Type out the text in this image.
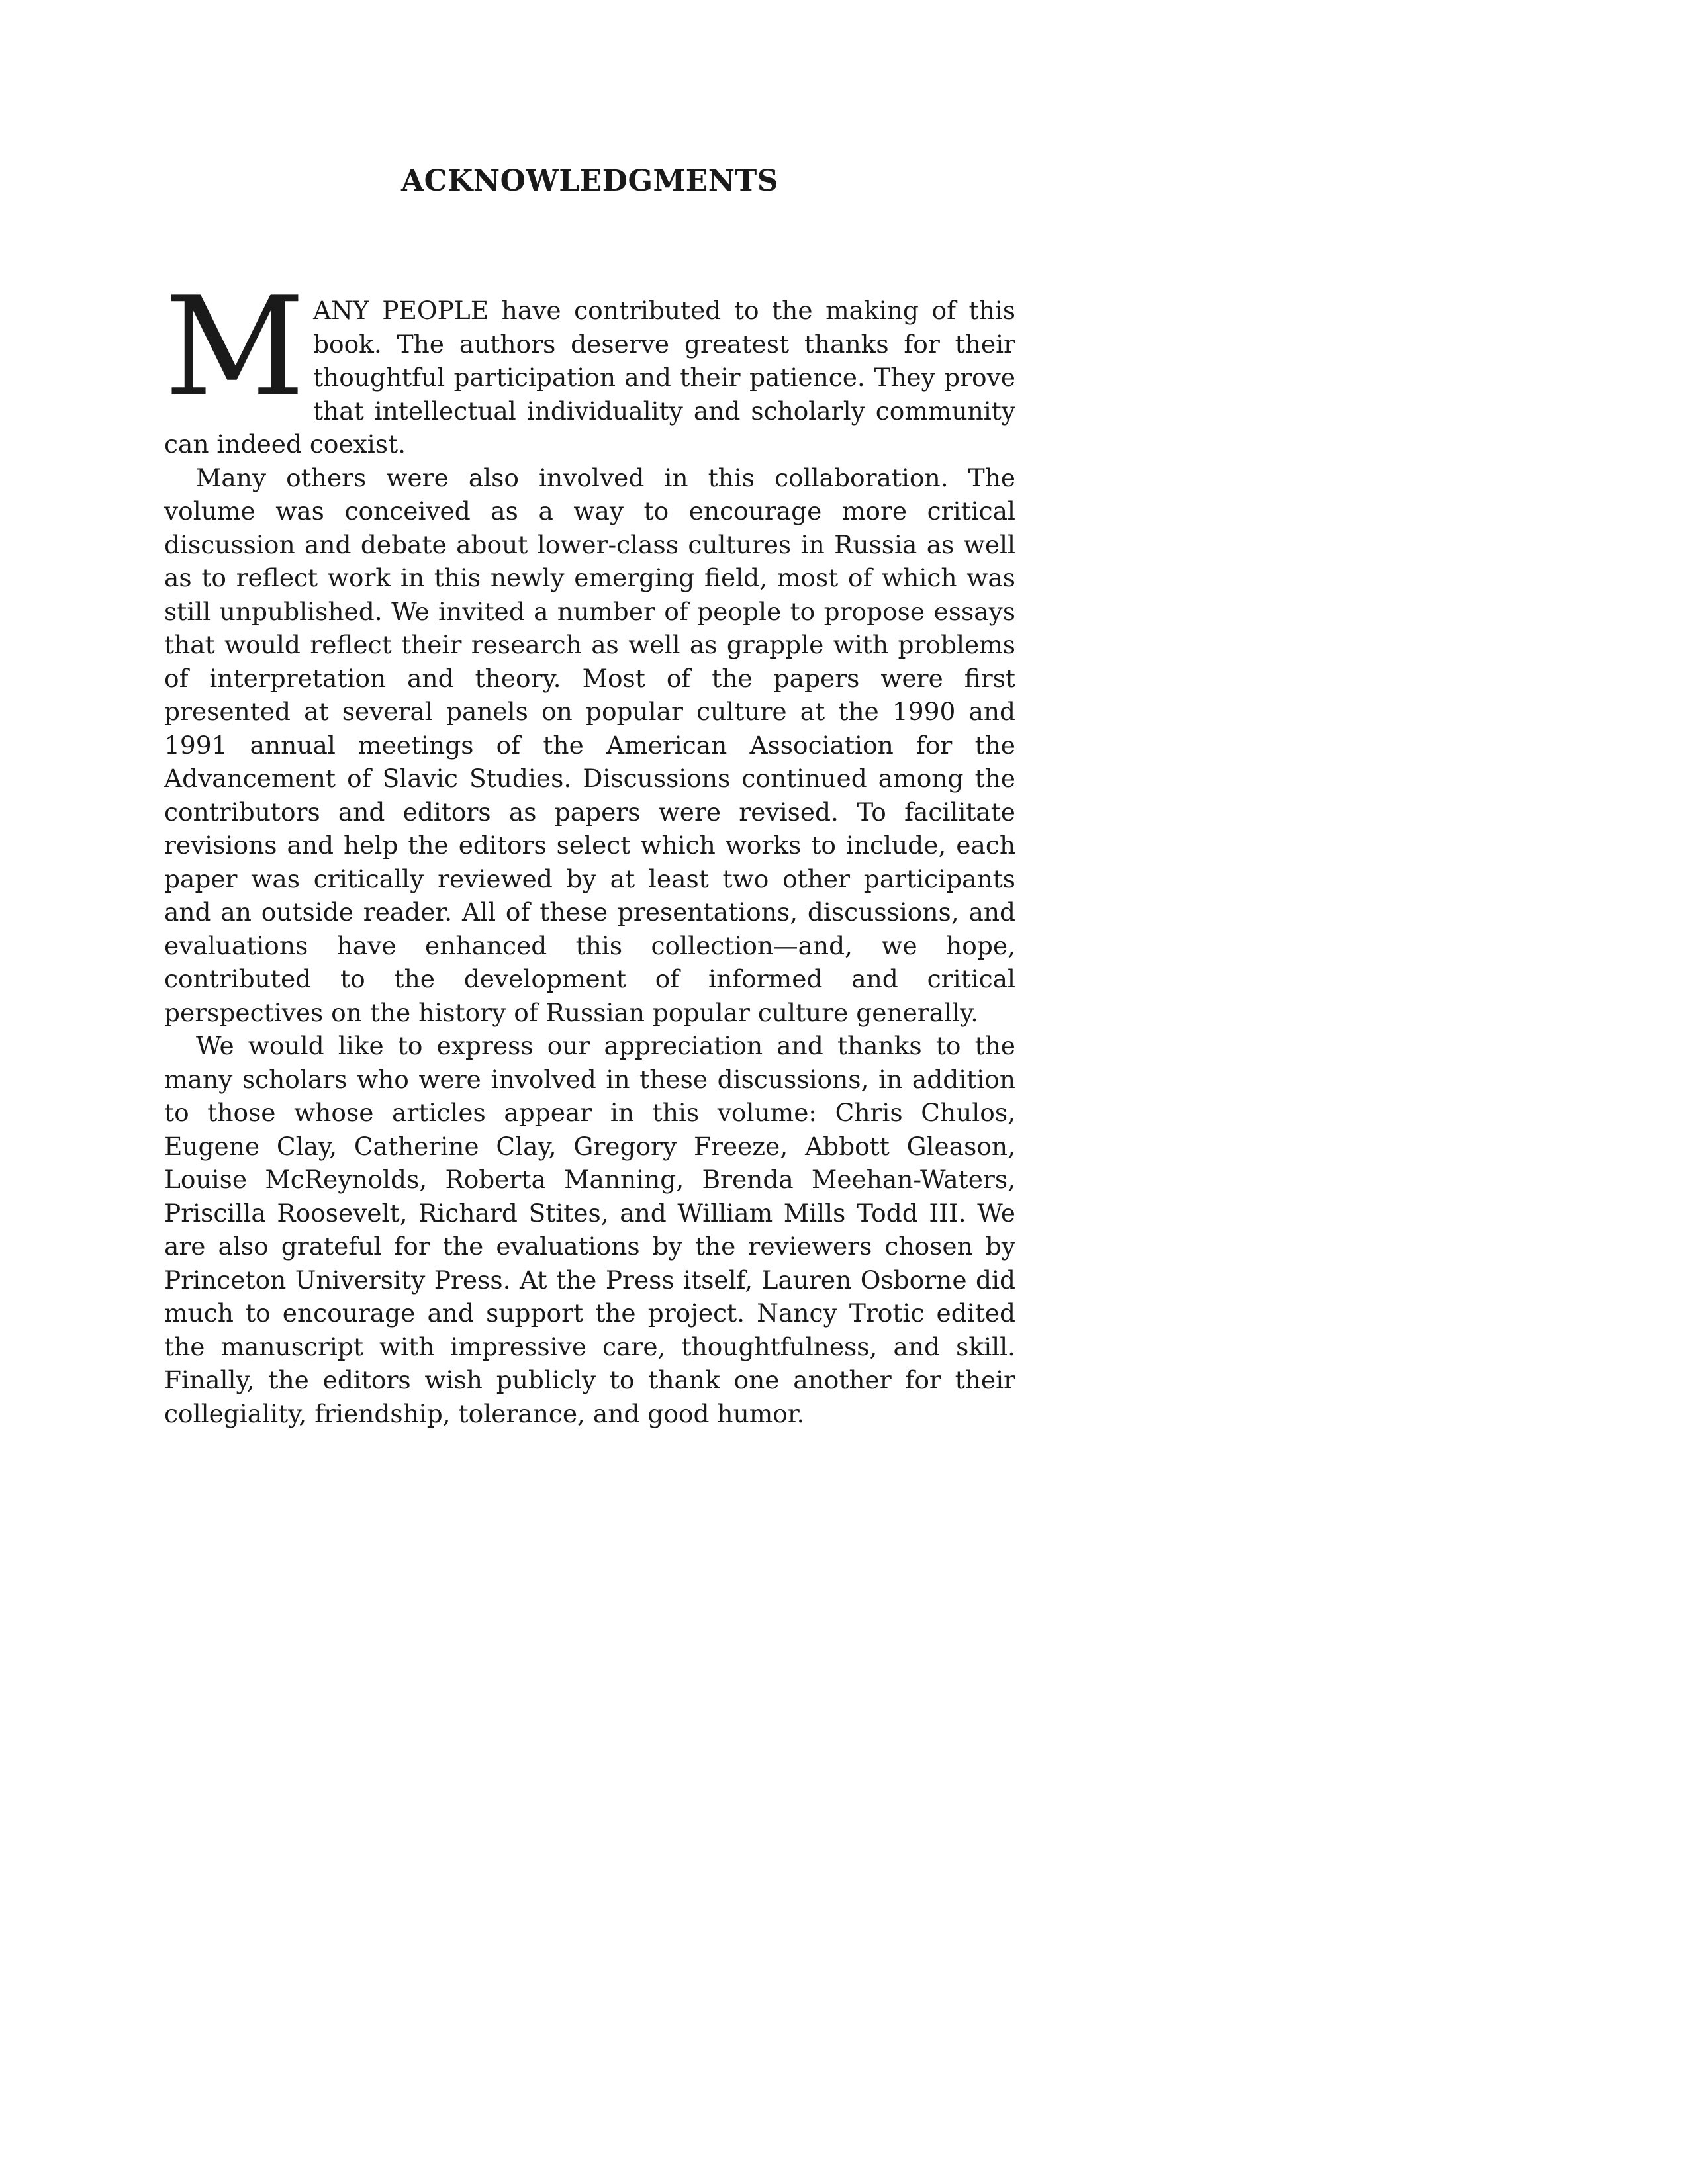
ACKNOWLEDGMENTS

MANY PEOPLE have contributed to the making of this book. The authors deserve greatest thanks for their thoughtful participation and their patience. They prove that intellectual individuality and scholarly community can indeed coexist.

Many others were also involved in this collaboration. The volume was conceived as a way to encourage more critical discussion and debate about lower-class cultures in Russia as well as to reflect work in this newly emerging field, most of which was still unpublished. We invited a number of people to propose essays that would reflect their research as well as grapple with problems of interpretation and theory. Most of the papers were first presented at several panels on popular culture at the 1990 and 1991 annual meetings of the American Association for the Advancement of Slavic Studies. Discussions continued among the contributors and editors as papers were revised. To facilitate revisions and help the editors select which works to include, each paper was critically reviewed by at least two other participants and an outside reader. All of these presentations, discussions, and evaluations have enhanced this collection—and, we hope, contributed to the development of informed and critical perspectives on the history of Russian popular culture generally.

We would like to express our appreciation and thanks to the many scholars who were involved in these discussions, in addition to those whose articles appear in this volume: Chris Chulos, Eugene Clay, Catherine Clay, Gregory Freeze, Abbott Gleason, Louise McReynolds, Roberta Manning, Brenda Meehan-Waters, Priscilla Roosevelt, Richard Stites, and William Mills Todd III. We are also grateful for the evaluations by the reviewers chosen by Princeton University Press. At the Press itself, Lauren Osborne did much to encourage and support the project. Nancy Trotic edited the manuscript with impressive care, thoughtfulness, and skill. Finally, the editors wish publicly to thank one another for their collegiality, friendship, tolerance, and good humor.
